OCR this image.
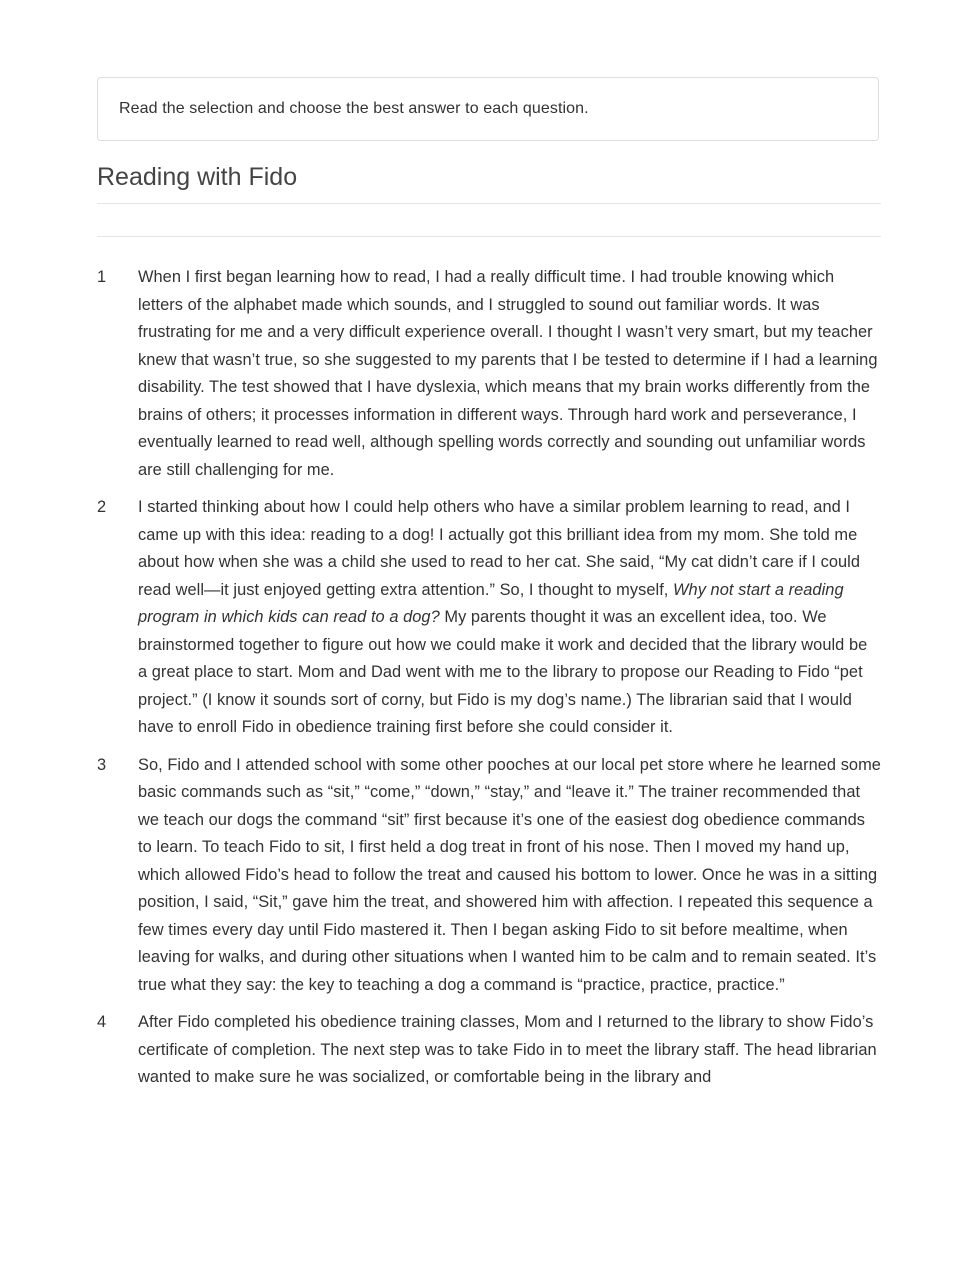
Read the selection and choose the best answer to each question.
Reading with Fido
1	When I first began learning how to read, I had a really difficult time. I had trouble knowing which letters of the alphabet made which sounds, and I struggled to sound out familiar words. It was frustrating for me and a very difficult experience overall. I thought I wasn’t very smart, but my teacher knew that wasn’t true, so she suggested to my parents that I be tested to determine if I had a learning disability. The test showed that I have dyslexia, which means that my brain works differently from the brains of others; it processes information in different ways. Through hard work and perseverance, I eventually learned to read well, although spelling words correctly and sounding out unfamiliar words are still challenging for me.
2	I started thinking about how I could help others who have a similar problem learning to read, and I came up with this idea: reading to a dog! I actually got this brilliant idea from my mom. She told me about how when she was a child she used to read to her cat. She said, “My cat didn’t care if I could read well—it just enjoyed getting extra attention.” So, I thought to myself, Why not start a reading program in which kids can read to a dog? My parents thought it was an excellent idea, too. We brainstormed together to figure out how we could make it work and decided that the library would be a great place to start. Mom and Dad went with me to the library to propose our Reading to Fido “pet project.” (I know it sounds sort of corny, but Fido is my dog’s name.) The librarian said that I would have to enroll Fido in obedience training first before she could consider it.
3	So, Fido and I attended school with some other pooches at our local pet store where he learned some basic commands such as “sit,” “come,” “down,” “stay,” and “leave it.” The trainer recommended that we teach our dogs the command “sit” first because it’s one of the easiest dog obedience commands to learn. To teach Fido to sit, I first held a dog treat in front of his nose. Then I moved my hand up, which allowed Fido’s head to follow the treat and caused his bottom to lower. Once he was in a sitting position, I said, “Sit,” gave him the treat, and showered him with affection. I repeated this sequence a few times every day until Fido mastered it. Then I began asking Fido to sit before mealtime, when leaving for walks, and during other situations when I wanted him to be calm and to remain seated. It’s true what they say: the key to teaching a dog a command is “practice, practice, practice.”
4	After Fido completed his obedience training classes, Mom and I returned to the library to show Fido’s certificate of completion. The next step was to take Fido in to meet the library staff. The head librarian wanted to make sure he was socialized, or comfortable being in the library and
